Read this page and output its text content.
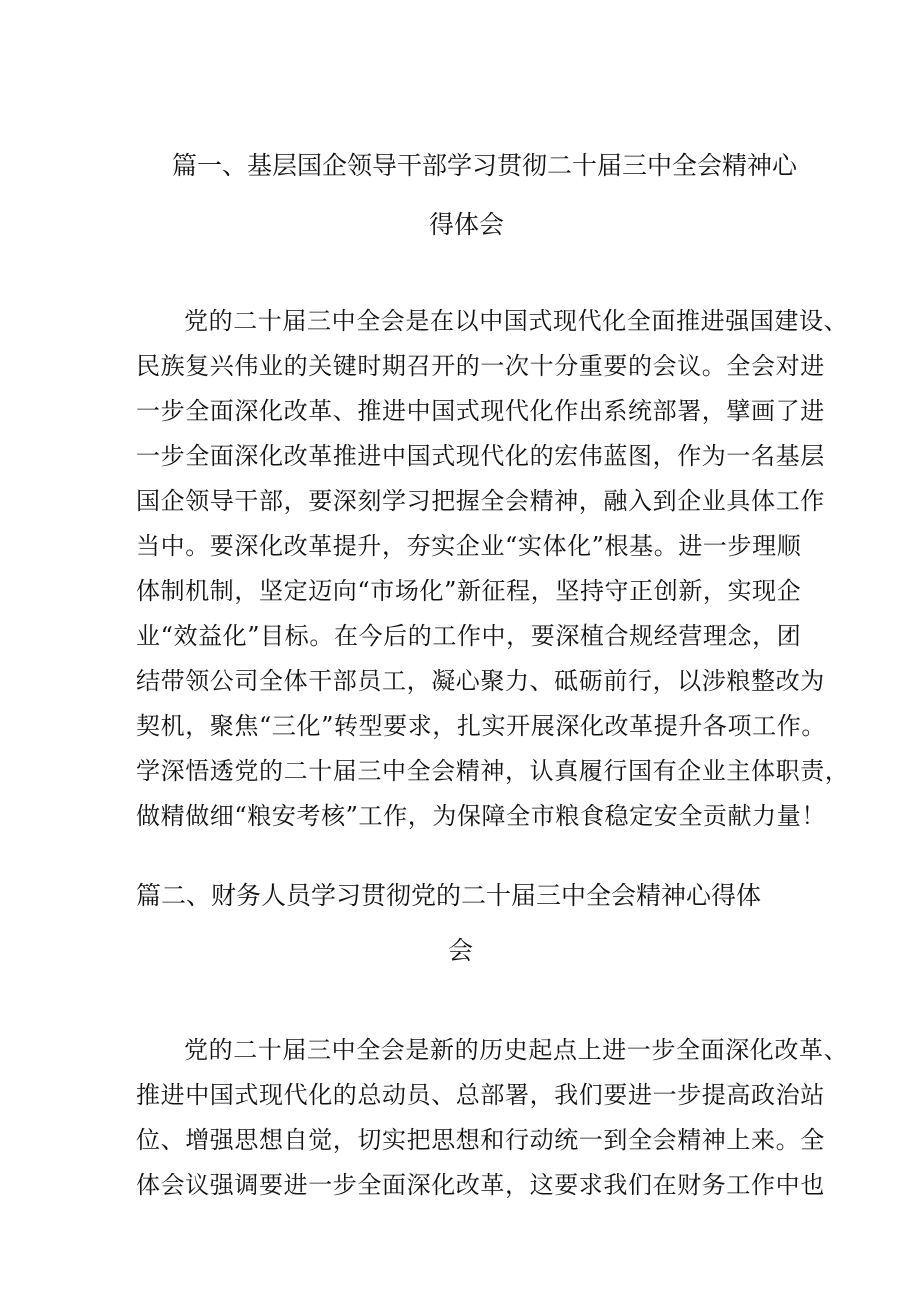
篇一、基层国企领导干部学习贯彻二十届三中全会精神心
得体会
党的二十届三中全会是在以中国式现代化全面推进强国建设、
民族复兴伟业的关键时期召开的一次十分重要的会议。全会对进
一步全面深化改革、推进中国式现代化作出系统部署，擘画了进
一步全面深化改革推进中国式现代化的宏伟蓝图，作为一名基层
国企领导干部，要深刻学习把握全会精神，融入到企业具体工作
当中。要深化改革提升，夯实企业“实体化”根基。进一步理顺
体制机制，坚定迈向“市场化”新征程，坚持守正创新，实现企
业“效益化”目标。在今后的工作中，要深植合规经营理念，团
结带领公司全体干部员工，凝心聚力、砥砺前行，以涉粮整改为
契机，聚焦“三化”转型要求，扎实开展深化改革提升各项工作。
学深悟透党的二十届三中全会精神，认真履行国有企业主体职责，
做精做细“粮安考核”工作，为保障全市粮食稳定安全贡献力量！
篇二、财务人员学习贯彻党的二十届三中全会精神心得体
会
党的二十届三中全会是新的历史起点上进一步全面深化改革、
推进中国式现代化的总动员、总部署，我们要进一步提高政治站
位、增强思想自觉，切实把思想和行动统一到全会精神上来。全
体会议强调要进一步全面深化改革，这要求我们在财务工作中也
